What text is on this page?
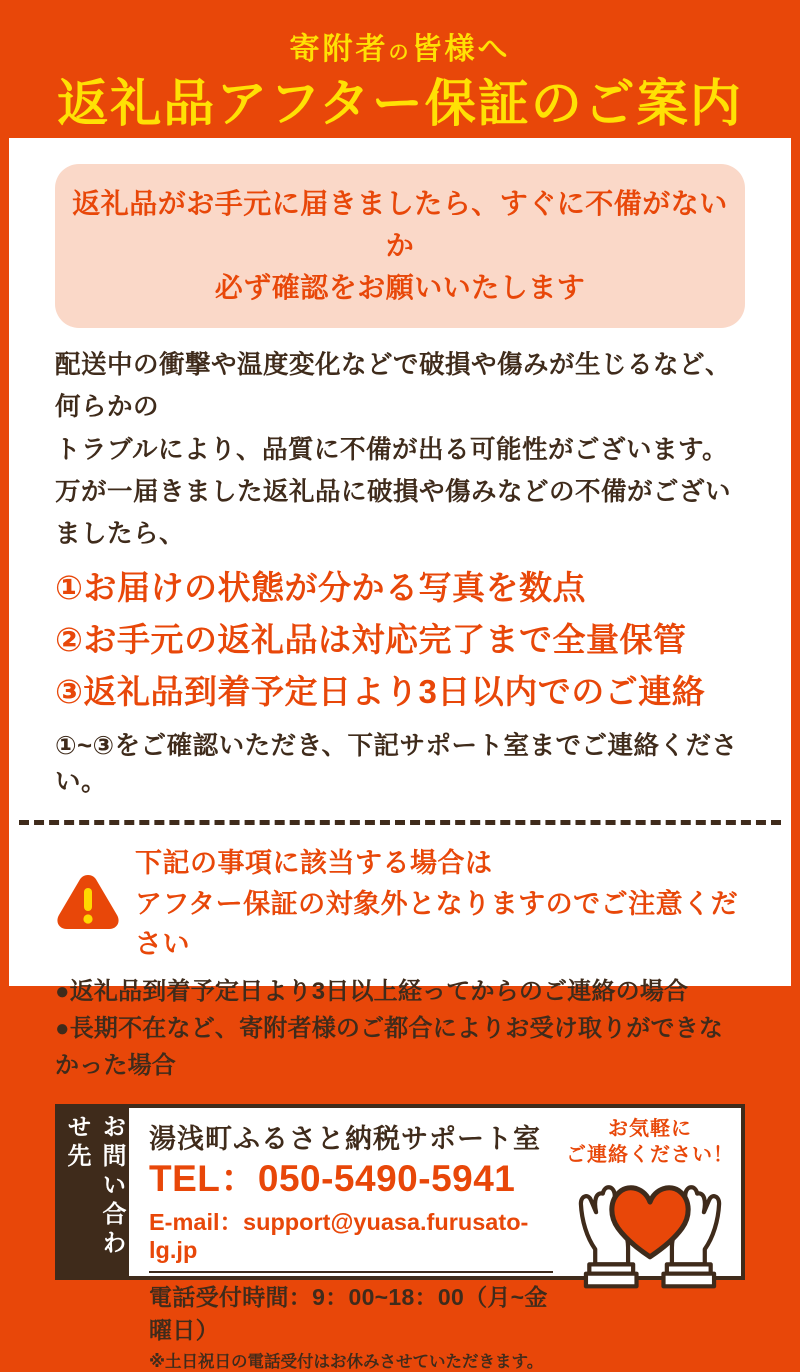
寄附者の皆様へ
返礼品アフター保証のご案内
返礼品がお手元に届きましたら、すぐに不備がないか
必ず確認をお願いいたします
配送中の衝撃や温度変化などで破損や傷みが生じるなど、何らかの
トラブルにより、品質に不備が出る可能性がございます。
万が一届きました返礼品に破損や傷みなどの不備がございましたら、
①お届けの状態が分かる写真を数点
②お手元の返礼品は対応完了まで全量保管
③返礼品到着予定日より3日以内でのご連絡
①~③をご確認いただき、下記サポート室までご連絡ください。
下記の事項に該当する場合は
アフター保証の対象外となりますのでご注意ください
●返礼品到着予定日より3日以上経ってからのご連絡の場合
●長期不在など、寄附者様のご都合によりお受け取りができなかった場合
お問い合わせ先	湯浅町ふるさと納税サポート室
TEL：050-5490-5941
E-mail：support@yuasa.furusato-lg.jp
電話受付時間：9：00~18：00（月~金曜日）
※土日祝日の電話受付はお休みさせていただきます。
お気軽に
ご連絡ください！
